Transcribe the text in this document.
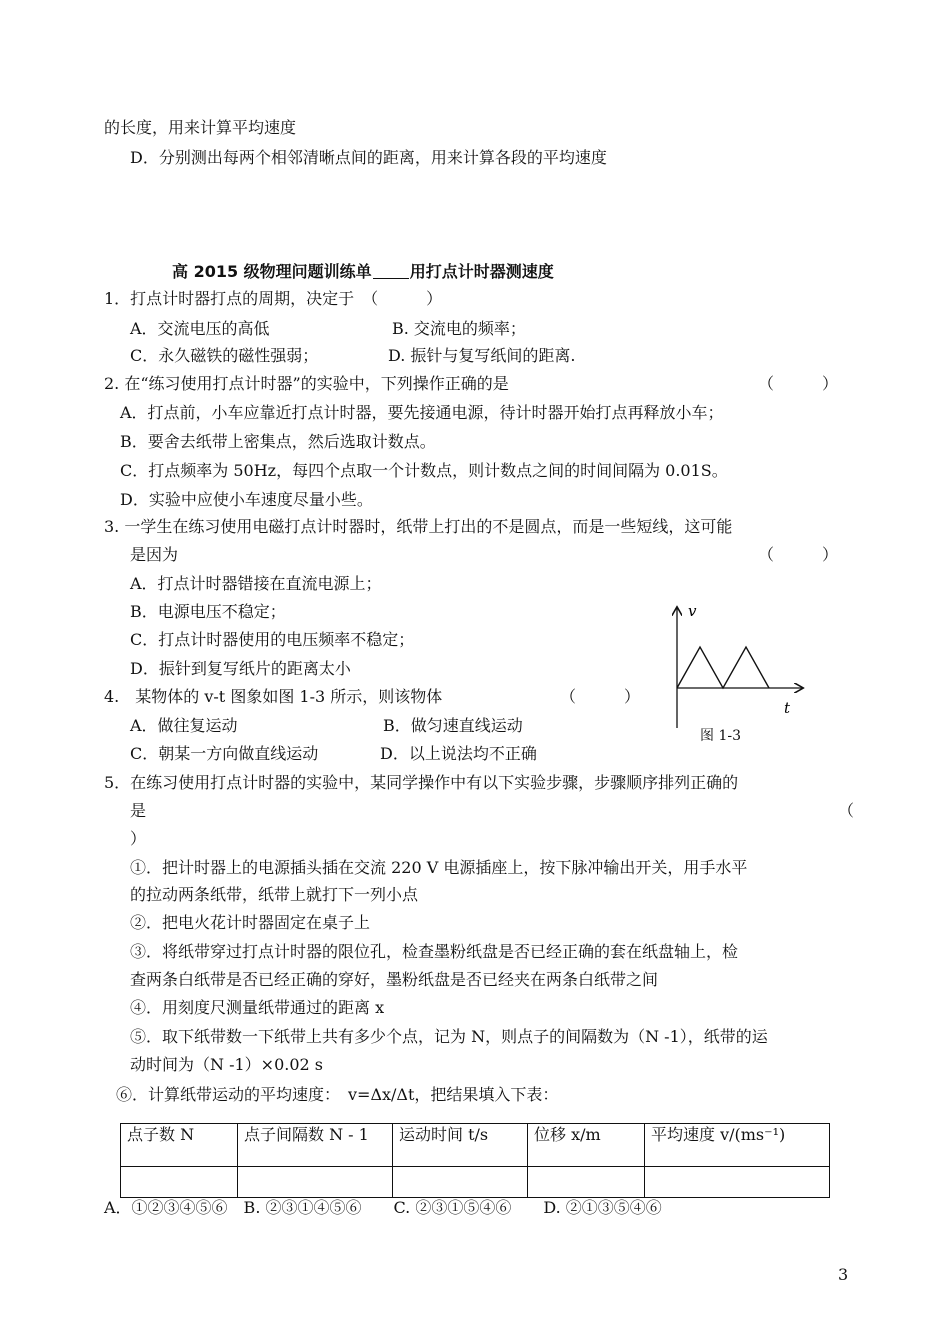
的长度，用来计算平均速度
D．分别测出每两个相邻清晰点间的距离，用来计算各段的平均速度
高 2015 级物理问题训练单 用打点计时器测速度
1．打点计时器打点的周期，决定于　（　　　）
A．交流电压的高低	B. 交流电的频率；
C．永久磁铁的磁性强弱；	D. 振针与复写纸间的距离.
2. 在“练习使用打点计时器”的实验中，下列操作正确的是	（　　　）
A．打点前，小车应靠近打点计时器，要先接通电源，待计时器开始打点再释放小车；
B．要舍去纸带上密集点，然后选取计数点。
C．打点频率为 50Hz，每四个点取一个计数点，则计数点之间的时间间隔为 0.01S。
D．实验中应使小车速度尽量小些。
3. 一学生在练习使用电磁打点计时器时，纸带上打出的不是圆点，而是一些短线，这可能
是因为	（　　　）
A．打点计时器错接在直流电源上；
B．电源电压不稳定；
C．打点计时器使用的电压频率不稳定；
D．振针到复写纸片的距离太小
4.　某物体的 v-t 图象如图 1-3 所示，则该物体	（　　　）
A．做往复运动	B．做匀速直线运动
C．朝某一方向做直线运动	D．以上说法均不正确
v
t
图 1-3
5．在练习使用打点计时器的实验中，某同学操作中有以下实验步骤，步骤顺序排列正确的
是	（
）
①．把计时器上的电源插头插在交流 220 V 电源插座上，按下脉冲输出开关，用手水平
的拉动两条纸带，纸带上就打下一列小点
②．把电火花计时器固定在桌子上
③．将纸带穿过打点计时器的限位孔，检查墨粉纸盘是否已经正确的套在纸盘轴上，检
查两条白纸带是否已经正确的穿好，墨粉纸盘是否已经夹在两条白纸带之间
④．用刻度尺测量纸带通过的距离 x
⑤．取下纸带数一下纸带上共有多少个点，记为 N，则点子的间隔数为（N -1），纸带的运
动时间为（N -1）×0.02 s
⑥．计算纸带运动的平均速度：　v=Δx/Δt，把结果填入下表：
点子数 N	点子间隔数 N - 1	运动时间 t/s	位移 x/m	平均速度 v/(ms⁻¹)

A．①②③④⑤⑥　B. ②③①④⑤⑥　　C. ②③①⑤④⑥　　D. ②①③⑤④⑥
3
